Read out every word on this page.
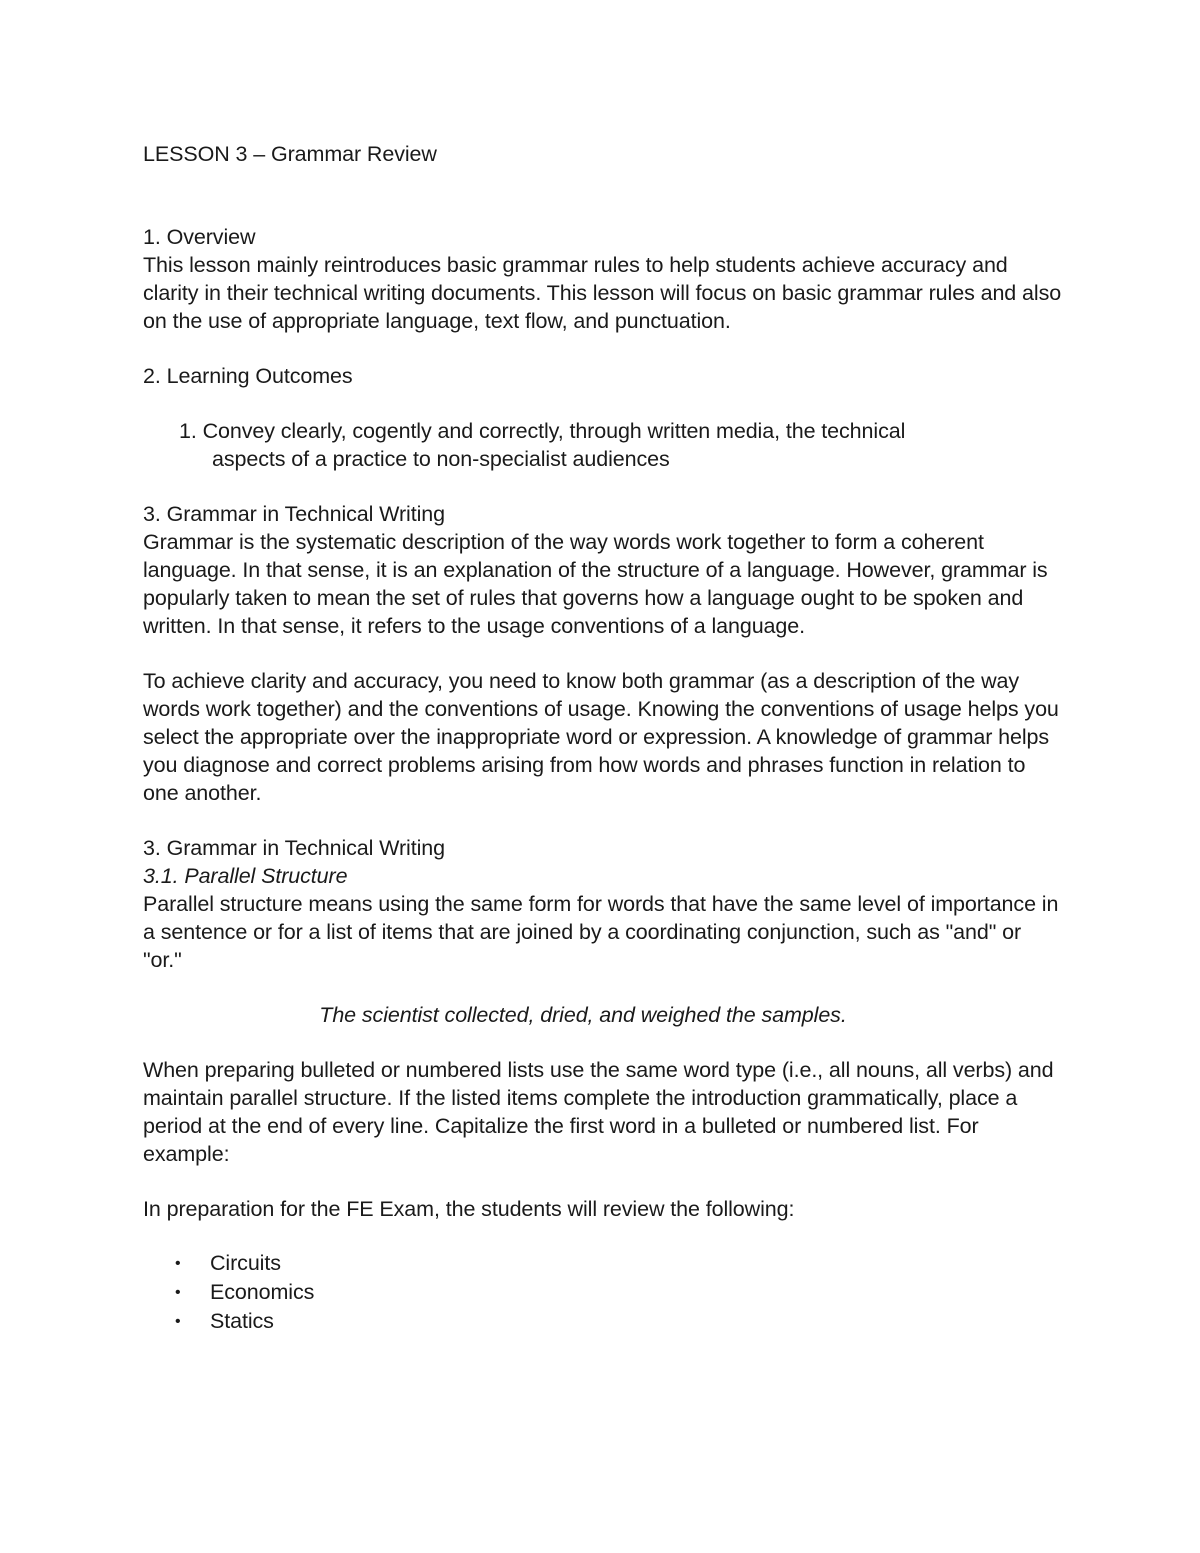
LESSON 3 – Grammar Review

1. Overview

This lesson mainly reintroduces basic grammar rules to help students achieve accuracy and clarity in their technical writing documents. This lesson will focus on basic grammar rules and also on the use of appropriate language, text flow, and punctuation.

2. Learning Outcomes

1. Convey clearly, cogently and correctly, through written media, the technical

aspects of a practice to non-specialist audiences

3. Grammar in Technical Writing

Grammar is the systematic description of the way words work together to form a coherent language. In that sense, it is an explanation of the structure of a language. However, grammar is popularly taken to mean the set of rules that governs how a language ought to be spoken and written. In that sense, it refers to the usage conventions of a language.

To achieve clarity and accuracy, you need to know both grammar (as a description of the way words work together) and the conventions of usage. Knowing the conventions of usage helps you select the appropriate over the inappropriate word or expression. A knowledge of grammar helps you diagnose and correct problems arising from how words and phrases function in relation to one another.

3. Grammar in Technical Writing

3.1. Parallel Structure

Parallel structure means using the same form for words that have the same level of importance in a sentence or for a list of items that are joined by a coordinating conjunction, such as "and" or "or."

The scientist collected, dried, and weighed the samples.

When preparing bulleted or numbered lists use the same word type (i.e., all nouns, all verbs) and maintain parallel structure. If the listed items complete the introduction grammatically, place a period at the end of every line. Capitalize the first word in a bulleted or numbered list. For example:

In preparation for the FE Exam, the students will review the following:

• Circuits
• Economics
• Statics
